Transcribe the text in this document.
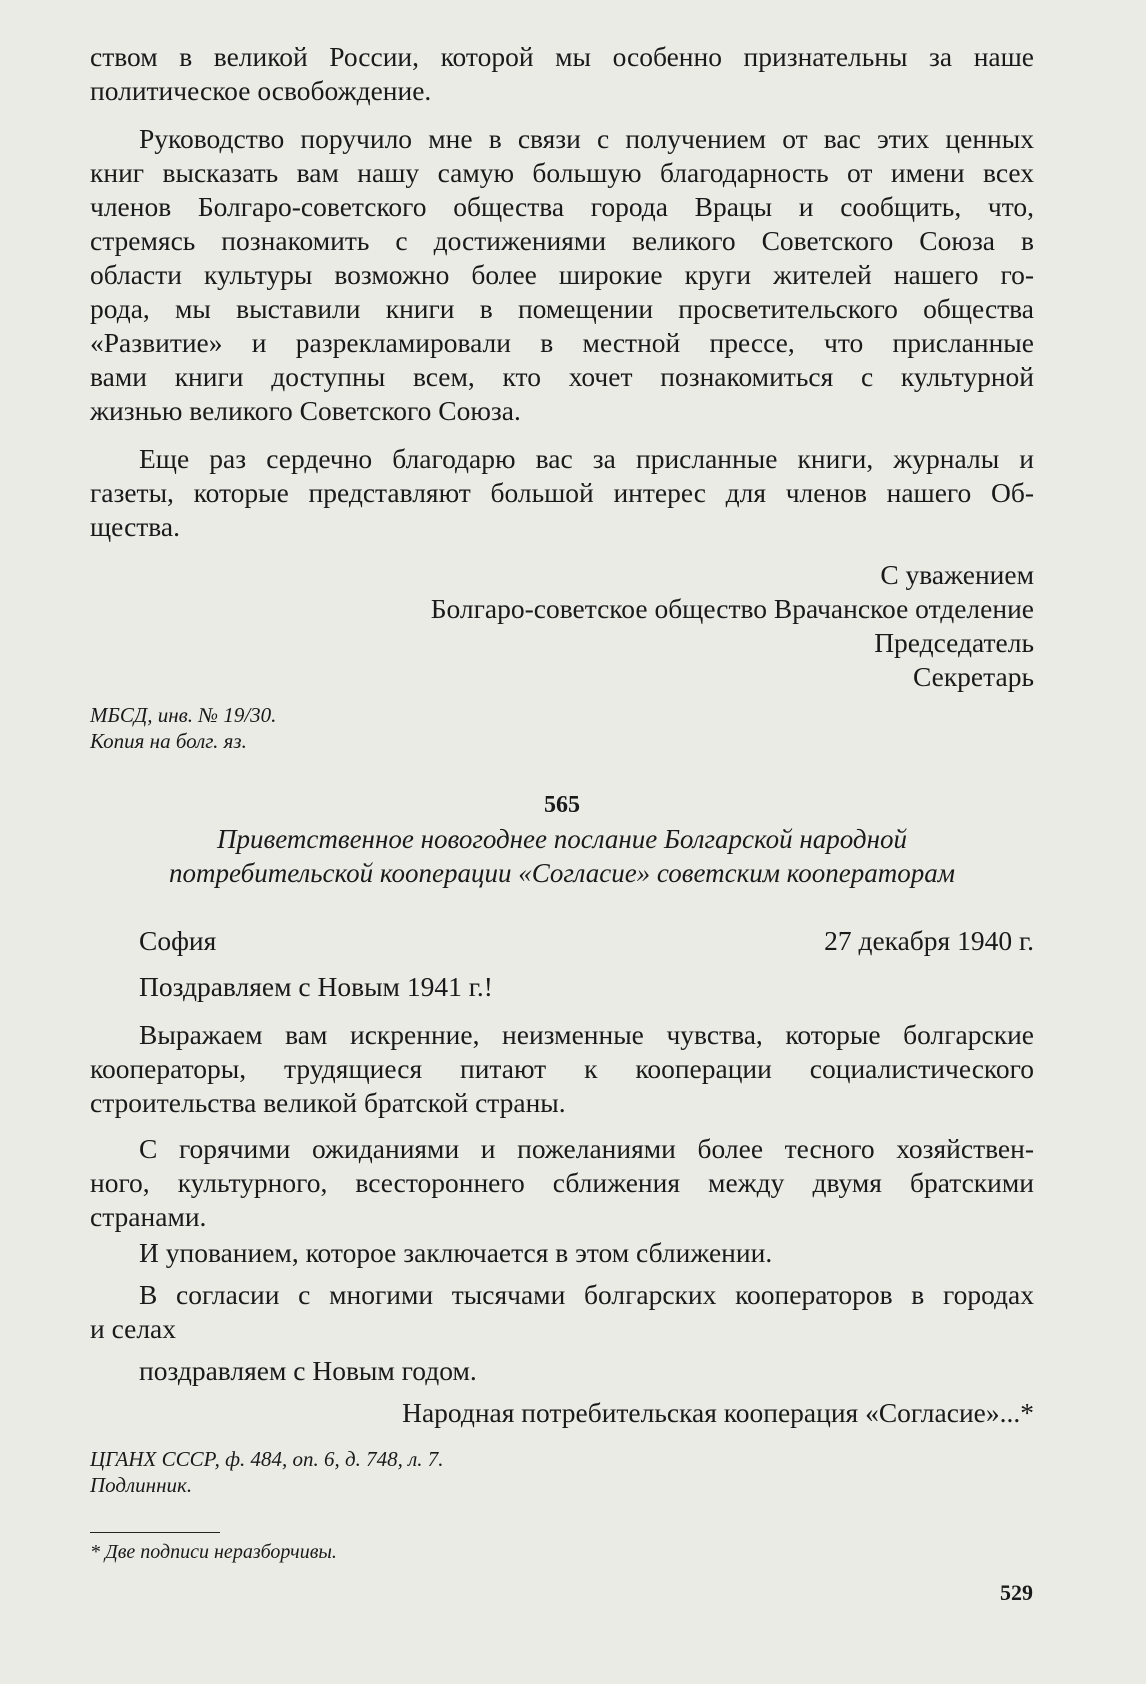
ством в великой России, которой мы особенно признательны за наше
политическое освобождение.
Руководство поручило мне в связи с получением от вас этих ценных
книг высказать вам нашу самую большую благодарность от имени всех
членов Болгаро-советского общества города Врацы и сообщить, что,
стремясь познакомить с достижениями великого Советского Союза в
области культуры возможно более широкие круги жителей нашего го-
рода, мы выставили книги в помещении просветительского общества
«Развитие» и разрекламировали в местной прессе, что присланные
вами книги доступны всем, кто хочет познакомиться с культурной
жизнью великого Советского Союза.
Еще раз сердечно благодарю вас за присланные книги, журналы и
газеты, которые представляют большой интерес для членов нашего Об-
щества.
С уважением
Болгаро-советское общество Врачанское отделение
Председатель
Секретарь
МБСД, инв. № 19/30.
Копия на болг. яз.
565
Приветственное новогоднее послание Болгарской народной
потребительской кооперации «Согласие» советским кооператорам
София	27 декабря 1940 г.
Поздравляем с Новым 1941 г.!
Выражаем вам искренние, неизменные чувства, которые болгарские
кооператоры, трудящиеся питают к кооперации социалистического
строительства великой братской страны.
С горячими ожиданиями и пожеланиями более тесного хозяйствен-
ного, культурного, всестороннего сближения между двумя братскими
странами.
И упованием, которое заключается в этом сближении.
В согласии с многими тысячами болгарских кооператоров в городах
и селах
поздравляем с Новым годом.
Народная потребительская кооперация «Согласие»...*
ЦГАНХ СССР, ф. 484, оп. 6, д. 748, л. 7.
Подлинник.
* Две подписи неразборчивы.
529
